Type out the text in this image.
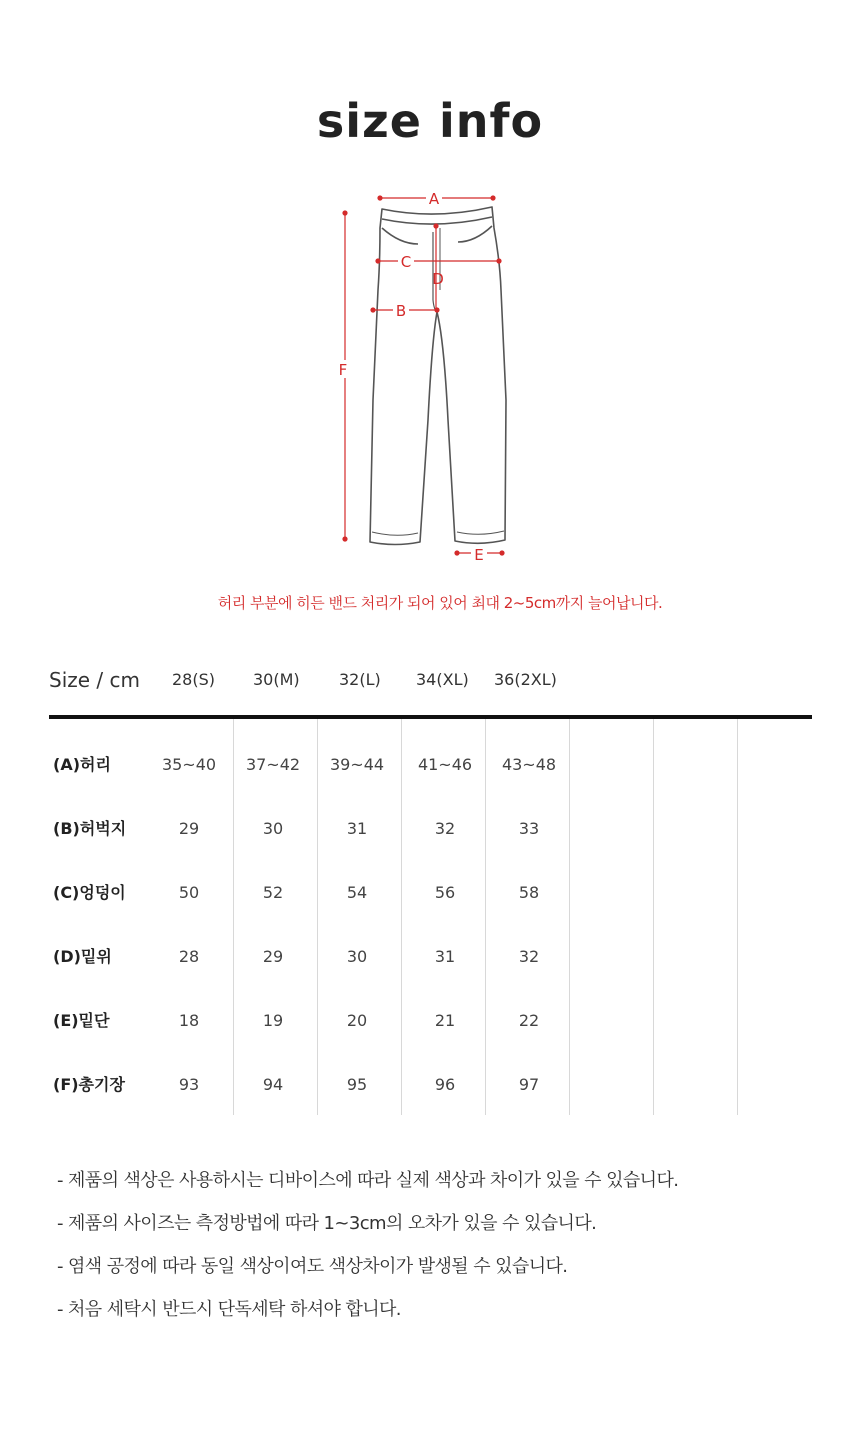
size info
A
C
D
B
F
E
허리 부분에 히든 밴드 처리가 되어 있어 최대 2~5cm까지 늘어납니다.
Size / cm 28(S) 30(M) 32(L) 34(XL) 36(2XL)
(A)허리	35~40	37~42	39~44	41~46	43~48
(B)허벅지	29	30	31	32	33
(C)엉덩이	50	52	54	56	58
(D)밑위	28	29	30	31	32
(E)밑단	18	19	20	21	22
(F)총기장	93	94	95	96	97
- 제품의 색상은 사용하시는 디바이스에 따라 실제 색상과 차이가 있을 수 있습니다.
- 제품의 사이즈는 측정방법에 따라 1~3cm의 오차가 있을 수 있습니다.
- 염색 공정에 따라 동일 색상이여도 색상차이가 발생될 수 있습니다.
- 처음 세탁시 반드시 단독세탁 하셔야 합니다.
